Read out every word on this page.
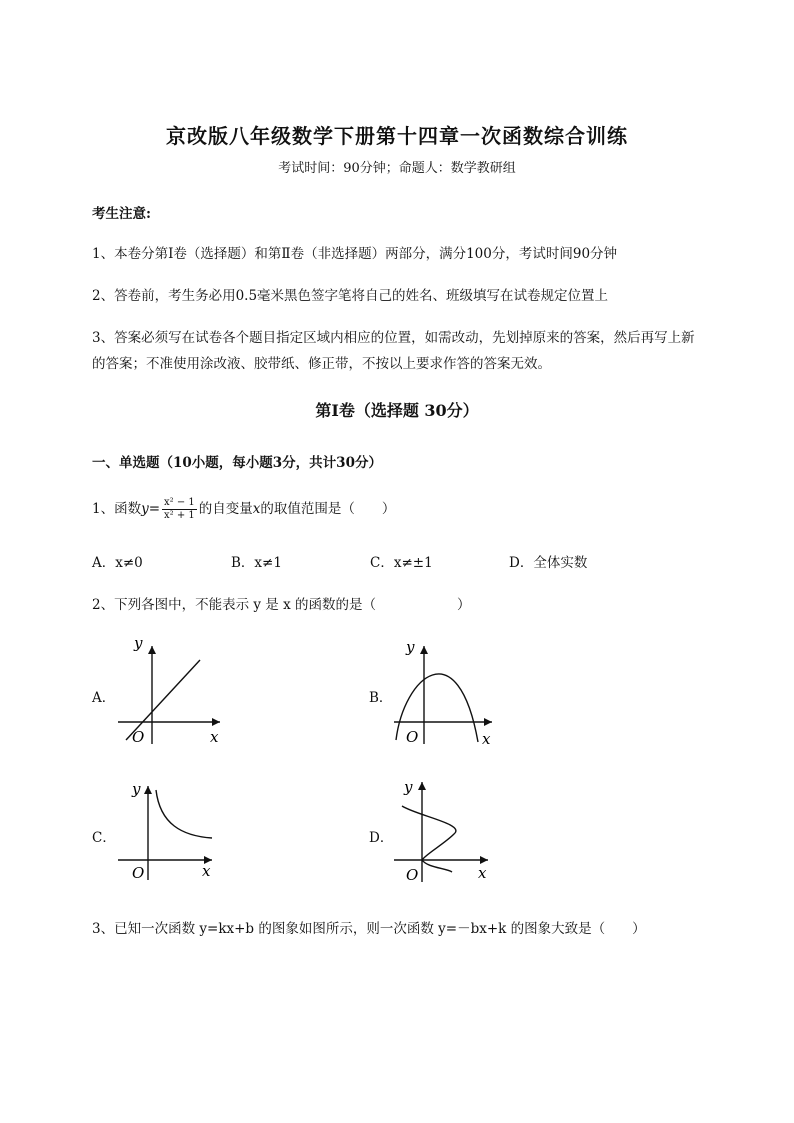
京改版八年级数学下册第十四章一次函数综合训练
考试时间：90分钟；命题人：数学教研组
考生注意:
1、本卷分第I卷（选择题）和第Ⅱ卷（非选择题）两部分，满分100分，考试时间90分钟
2、答卷前，考生务必用0.5毫米黑色签字笔将自己的姓名、班级填写在试卷规定位置上
3、答案必须写在试卷各个题目指定区域内相应的位置，如需改动，先划掉原来的答案，然后再写上新
的答案；不准使用涂改液、胶带纸、修正带，不按以上要求作答的答案无效。
第I卷（选择题 30分）
一、单选题（10小题，每小题3分，共计30分）
1、函数$y= \frac{\text{x² − 1}}{\text{x² + 1}}$ 的自变量x的取值范围是（　　）
A．x≠0	B．x≠1	C．x≠±1	D．全体实数
2、下列各图中，不能表示 y 是 x 的函数的是（　　　　　　）
A．
y
x
O
B．
y
x
O
C．
y
x
O
D．
y
x
O
3、已知一次函数 y=kx+b 的图象如图所示，则一次函数 y=－bx+k 的图象大致是（　　）
